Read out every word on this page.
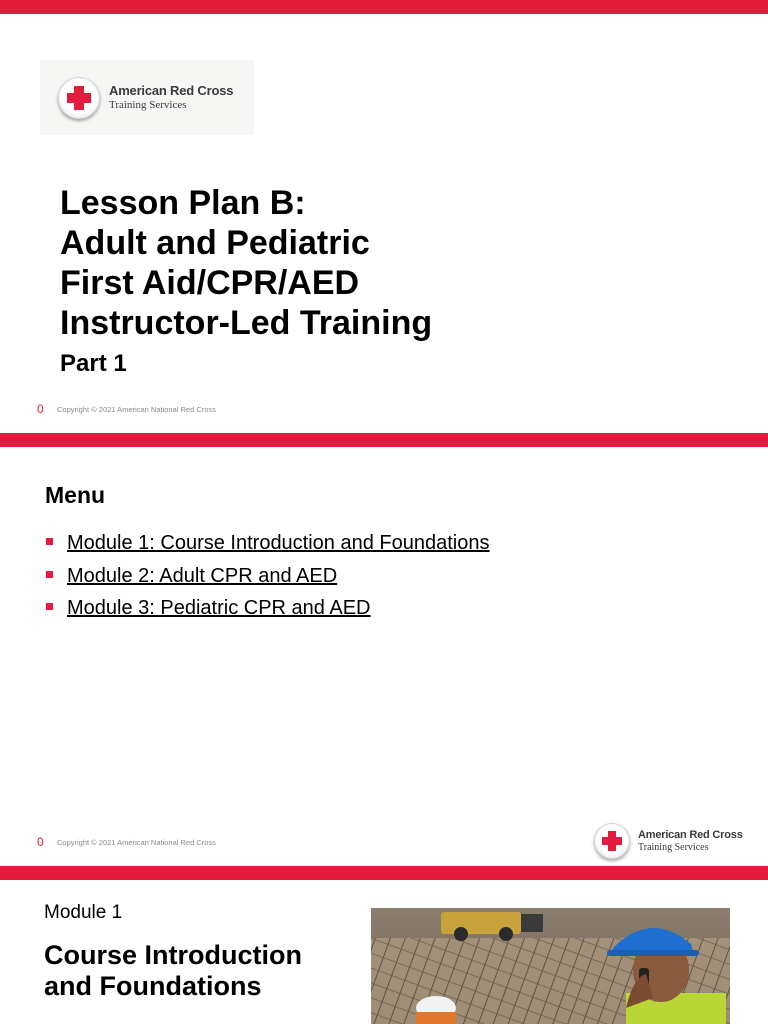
American Red Cross
Training Services
Lesson Plan B:
Adult and Pediatric
First Aid/CPR/AED
Instructor-Led Training

Part 1

0 Copyright © 2021 American National Red Cross
Menu
Module 1: Course Introduction and Foundations
Module 2: Adult CPR and AED
Module 3: Pediatric CPR and AED
0 Copyright © 2021 American National Red Cross
American Red Cross
Training Services

Module 1

Course Introduction
and Foundations
